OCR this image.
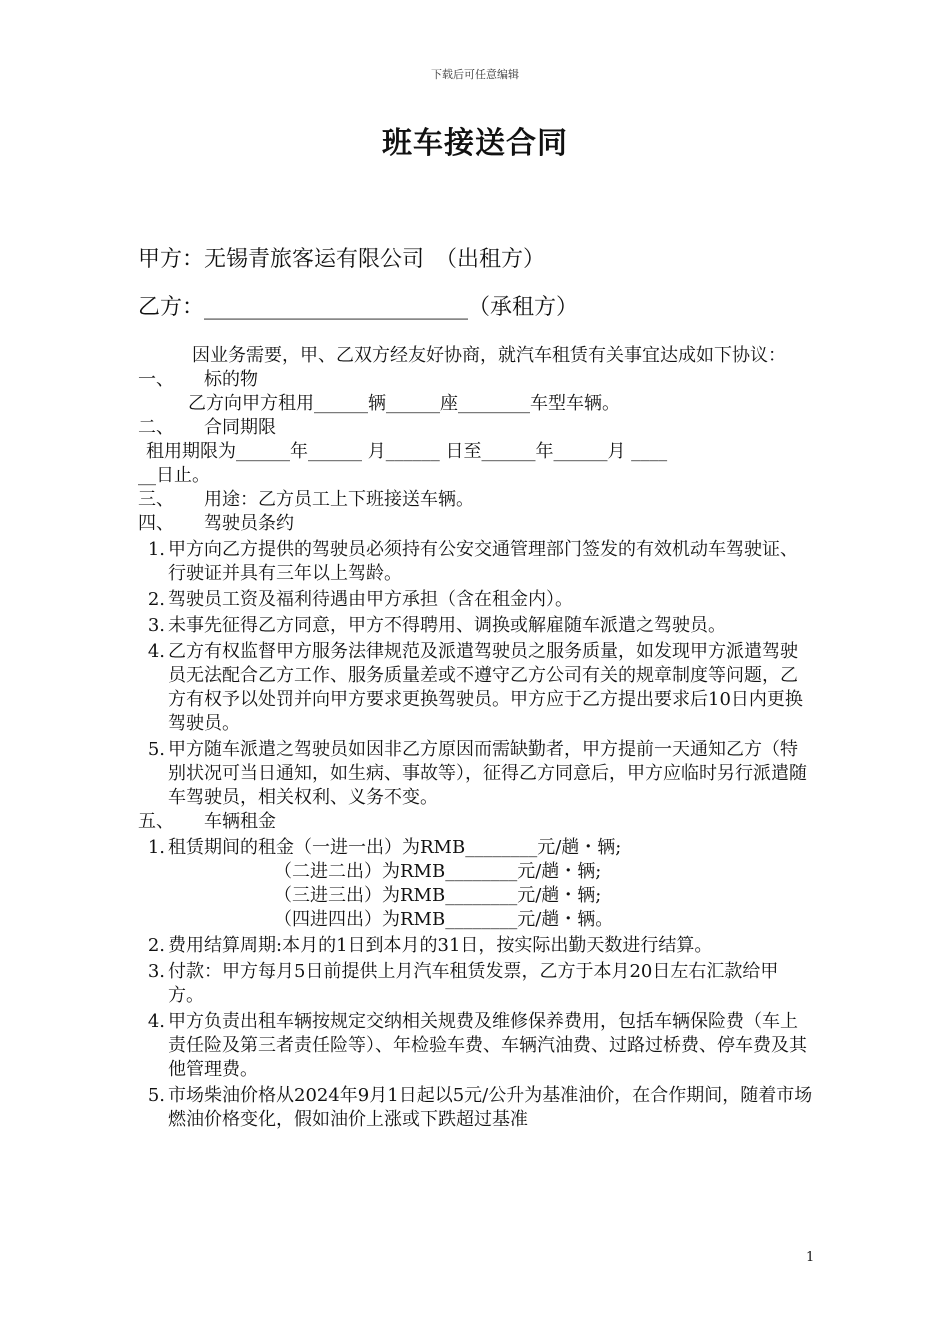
下载后可任意编辑
班车接送合同
甲方：无锡青旅客运有限公司　（出租方）
乙方：________________________（承租方）
因业务需要，甲、乙双方经友好协商，就汽车租赁有关事宜达成如下协议：
一、 标的物
乙方向甲方租用______辆______座________车型车辆。
二、 合同期限
租用期限为______年______ 月______ 日至______年______月 ____
__日止。
三、 用途：乙方员工上下班接送车辆。
四、 驾驶员条约
1. 甲方向乙方提供的驾驶员必须持有公安交通管理部门签发的有效机动车驾驶证、行驶证并具有三年以上驾龄。
2. 驾驶员工资及福利待遇由甲方承担（含在租金内）。
3. 未事先征得乙方同意，甲方不得聘用、调换或解雇随车派遣之驾驶员。
4. 乙方有权监督甲方服务法律规范及派遣驾驶员之服务质量，如发现甲方派遣驾驶员无法配合乙方工作、服务质量差或不遵守乙方公司有关的规章制度等问题，乙方有权予以处罚并向甲方要求更换驾驶员。甲方应于乙方提出要求后10日内更换驾驶员。
5. 甲方随车派遣之驾驶员如因非乙方原因而需缺勤者，甲方提前一天通知乙方（特别状况可当日通知，如生病、事故等），征得乙方同意后，甲方应临时另行派遣随车驾驶员，相关权利、义务不变。
五、 车辆租金
1. 租赁期间的租金（一进一出）为RMB________元/趟・辆;
（二进二出）为RMB________元/趟・辆;
（三进三出）为RMB________元/趟・辆;
（四进四出）为RMB________元/趟・辆。
2. 费用结算周期:本月的1日到本月的31日，按实际出勤天数进行结算。
3. 付款：甲方每月5日前提供上月汽车租赁发票，乙方于本月20日左右汇款给甲方。
4. 甲方负责出租车辆按规定交纳相关规费及维修保养费用，包括车辆保险费（车上责任险及第三者责任险等）、年检验车费、车辆汽油费、过路过桥费、停车费及其他管理费。
5. 市场柴油价格从2024年9月1日起以5元/公升为基准油价，在合作期间，随着市场燃油价格变化，假如油价上涨或下跌超过基准
1
